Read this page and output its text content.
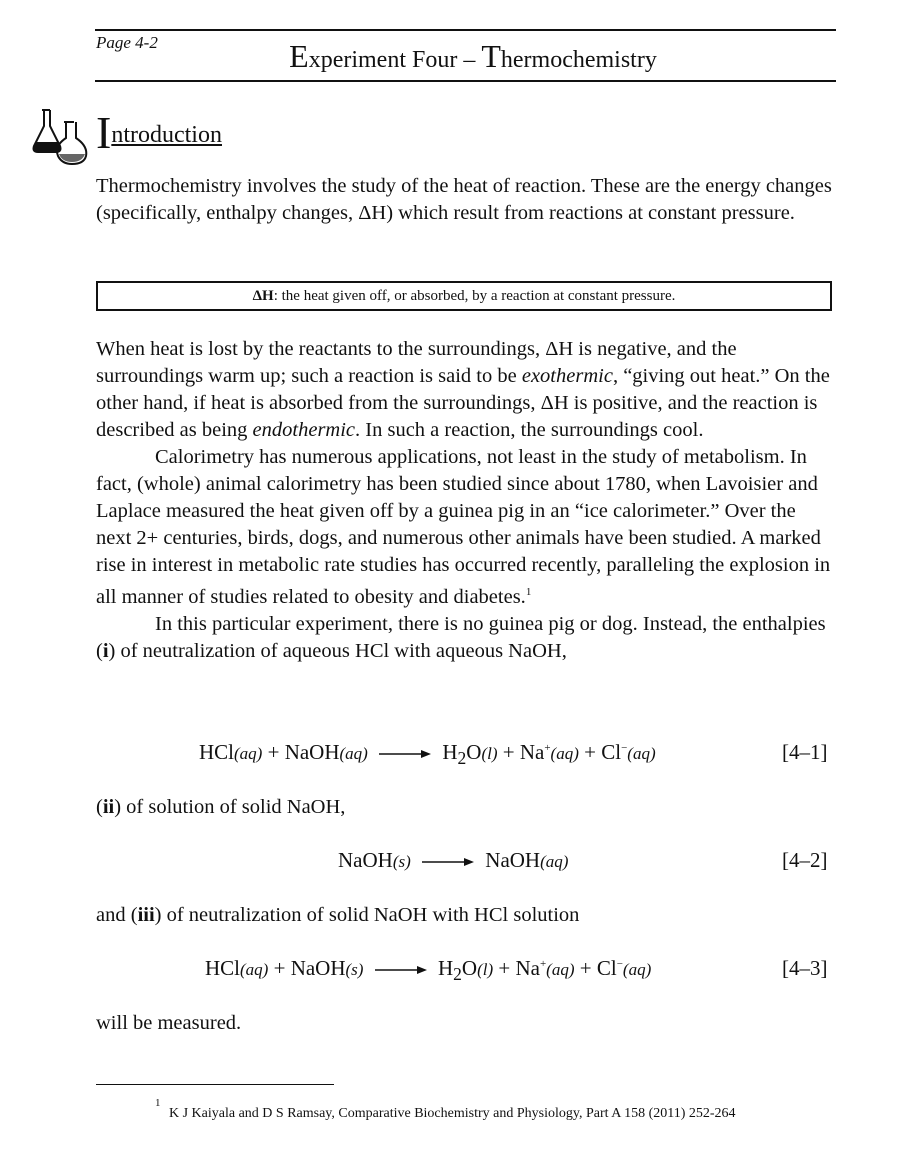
Page 4-2	Experiment Four – Thermochemistry
Introduction

Thermochemistry involves the study of the heat of reaction. These are the energy changes (specifically, enthalpy changes, ΔH) which result from reactions at constant pressure.

ΔH: the heat given off, or absorbed, by a reaction at constant pressure.

When heat is lost by the reactants to the surroundings, ΔH is negative, and the surroundings warm up; such a reaction is said to be exothermic, “giving out heat.” On the other hand, if heat is absorbed from the surroundings, ΔH is positive, and the reaction is described as being endothermic. In such a reaction, the surroundings cool.

Calorimetry has numerous applications, not least in the study of metabolism. In fact, (whole) animal calorimetry has been studied since about 1780, when Lavoisier and Laplace measured the heat given off by a guinea pig in an “ice calorimeter.” Over the next 2+ centuries, birds, dogs, and numerous other animals have been studied. A marked rise in interest in metabolic rate studies has occurred recently, paralleling the explosion in all manner of studies related to obesity and diabetes.$^1$

In this particular experiment, there is no guinea pig or dog. Instead, the enthalpies (i) of neutralization of aqueous HCl with aqueous NaOH,

HCl(aq) + NaOH(aq) → $H_2O(l) + Na^+(aq) + Cl^-(aq)$	[4–1]
(ii) of solution of solid NaOH,
NaOH(s) → NaOH(aq)	[4–2]
and (iii) of neutralization of solid NaOH with HCl solution
HCl(aq) + NaOH(s) → $H_2O(l) + Na^+(aq) + Cl^-(aq)$	[4–3]
will be measured.
1
K J Kaiyala and D S Ramsay, Comparative Biochemistry and Physiology, Part A 158 (2011) 252-264
